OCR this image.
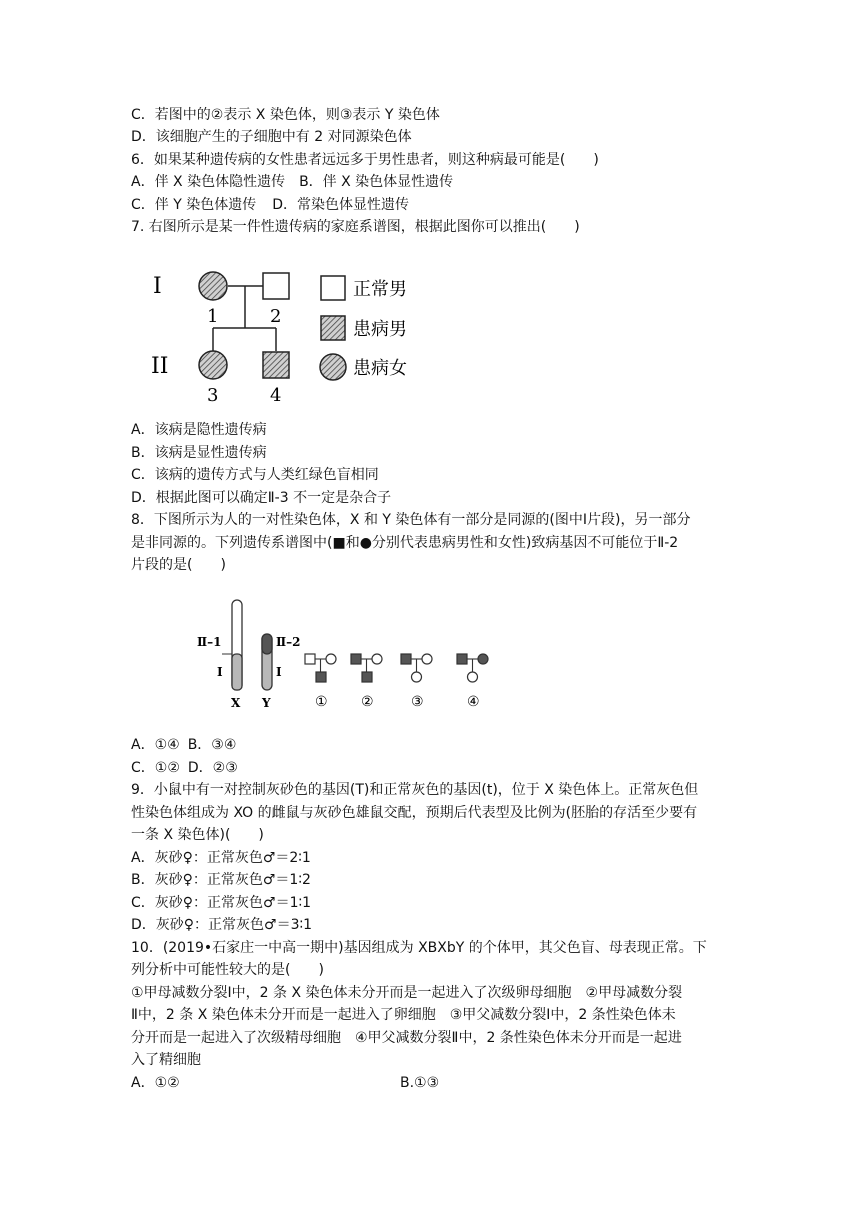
C．若图中的②表示 X 染色体，则③表示 Y 染色体
D．该细胞产生的子细胞中有 2 对同源染色体
6．如果某种遗传病的女性患者远远多于男性患者，则这种病最可能是(　　)
A．伴 X 染色体隐性遗传 B．伴 X 染色体显性遗传
C．伴 Y 染色体遗传 D．常染色体显性遗传
7. 右图所示是某一件性遗传病的家庭系谱图，根据此图你可以推出(　　)
I
II
1	2
3	4
正常男
患病男
患病女
A．该病是隐性遗传病
B．该病是显性遗传病
C．该病的遗传方式与人类红绿色盲相同
D．根据此图可以确定Ⅱ-3 不一定是杂合子
8．下图所示为人的一对性染色体，X 和 Y 染色体有一部分是同源的(图中Ⅰ片段)，另一部分
是非同源的。下列遗传系谱图中(■和●分别代表患病男性和女性)致病基因不可能位于Ⅱ-2
片段的是(　　)
Ⅱ–1
I
X
Ⅱ–2
I
Y	① ②	③	④
A．①④ B．③④
C．①② D．②③
9．小鼠中有一对控制灰砂色的基因(T)和正常灰色的基因(t)，位于 X 染色体上。正常灰色但
性染色体组成为 XO 的雌鼠与灰砂色雄鼠交配，预期后代表型及比例为(胚胎的存活至少要有
一条 X 染色体)(　　)
A．灰砂♀：正常灰色♂＝2∶1
B．灰砂♀：正常灰色♂＝1∶2
C．灰砂♀：正常灰色♂＝1∶1
D．灰砂♀：正常灰色♂＝3∶1
10．(2019•石家庄一中高一期中)基因组成为 XBXbY 的个体甲，其父色盲、母表现正常。下
列分析中可能性较大的是(　　)
①甲母减数分裂Ⅰ中，2 条 X 染色体未分开而是一起进入了次级卵母细胞　②甲母减数分裂
Ⅱ中，2 条 X 染色体未分开而是一起进入了卵细胞　③甲父减数分裂Ⅰ中，2 条性染色体未
分开而是一起进入了次级精母细胞　④甲父减数分裂Ⅱ中，2 条性染色体未分开而是一起进
入了精细胞
A．①②	B.①③
